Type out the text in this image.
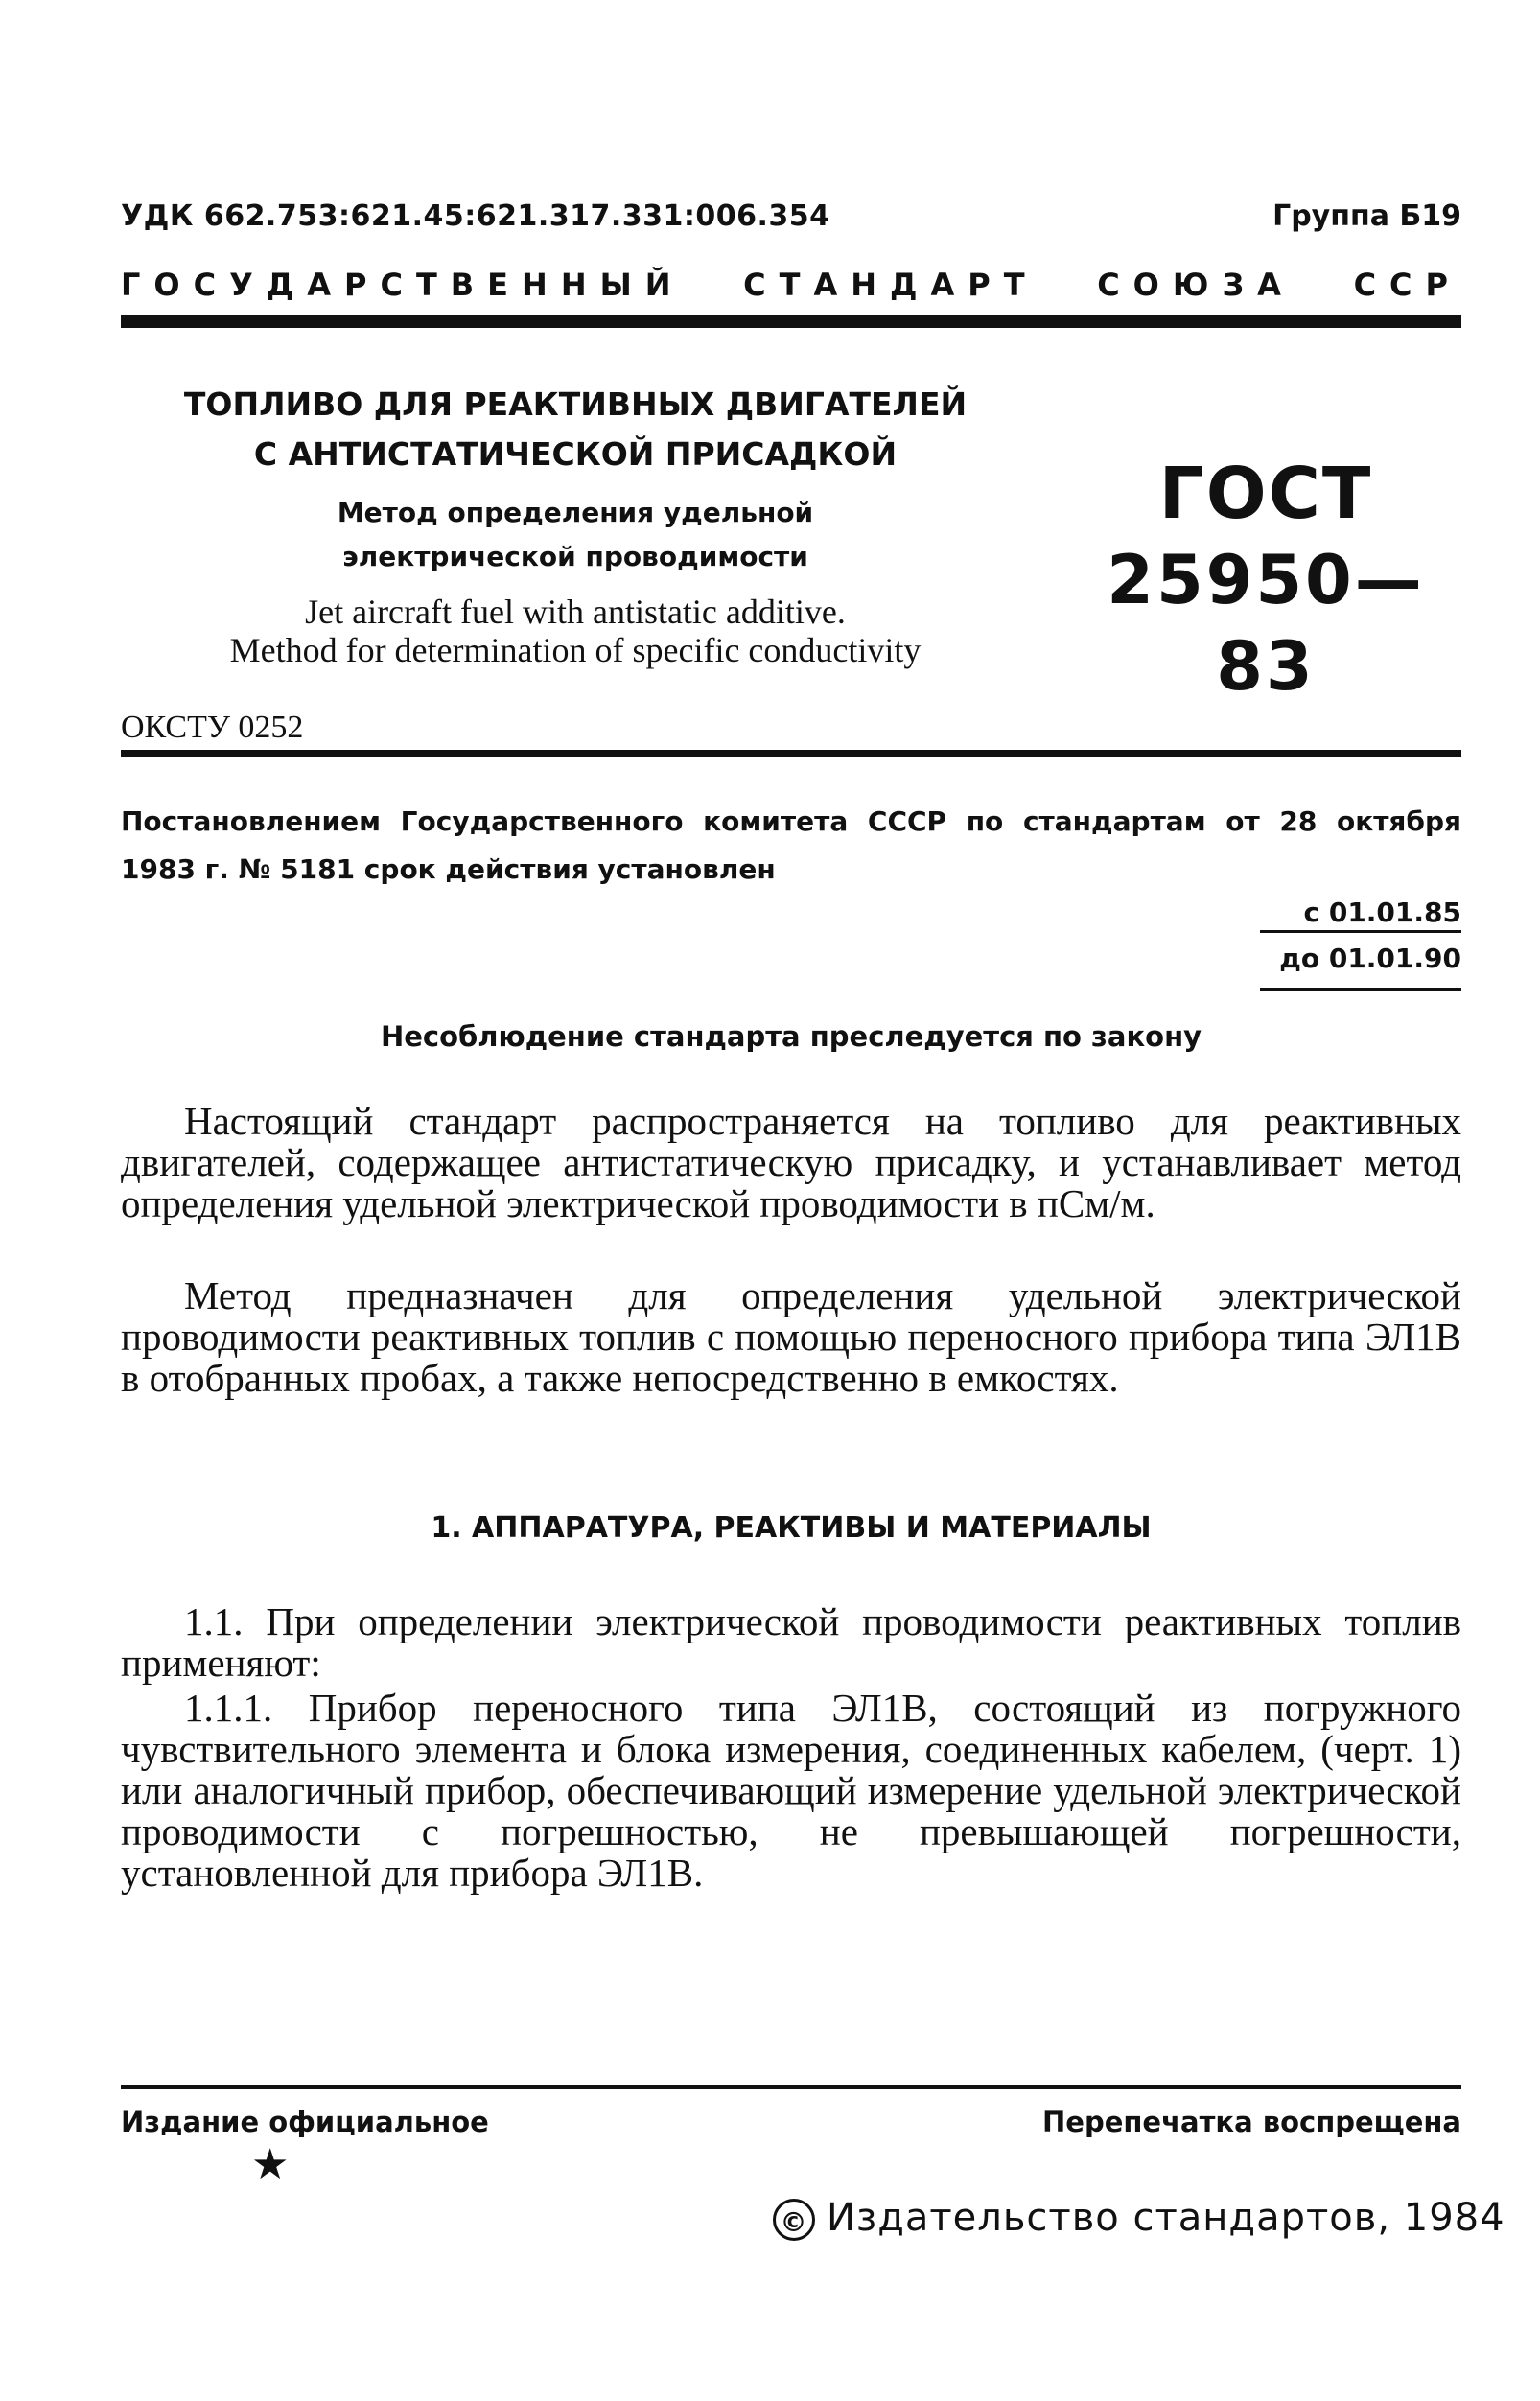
УДК 662.753:621.45:621.317.331:006.354	Группа Б19
ГОСУДАРСТВЕННЫЙ СТАНДАРТ СОЮЗА ССР
ТОПЛИВО ДЛЯ РЕАКТИВНЫХ ДВИГАТЕЛЕЙ
С АНТИСТАТИЧЕСКОЙ ПРИСАДКОЙ
Метод определения удельной
электрической проводимости
Jet aircraft fuel with antistatic additive.
Method for determination of specific conductivity
ГОСТ
25950—83
ОКСТУ 0252
Постановлением Государственного комитета СССР по стандартам от 28 октября 1983 г. № 5181 срок действия установлен
с 01.01.85
до 01.01.90
Несоблюдение стандарта преследуется по закону

Настоящий стандарт распространяется на топливо для реактивных двигателей, содержащее антистатическую присадку, и устанавливает метод определения удельной электрической проводимости в пСм/м.

Метод предназначен для определения удельной электрической проводимости реактивных топлив с помощью переносного прибора типа ЭЛ1В в отобранных пробах, а также непосредственно в емкостях.

1. АППАРАТУРА, РЕАКТИВЫ И МАТЕРИАЛЫ

1.1. При определении электрической проводимости реактивных топлив применяют:

1.1.1. Прибор переносного типа ЭЛ1В, состоящий из погружного чувствительного элемента и блока измерения, соединенных кабелем, (черт. 1) или аналогичный прибор, обеспечивающий измерение удельной электрической проводимости с погрешностью, не превышающей погрешности, установленной для прибора ЭЛ1В.

Издание официальное	Перепечатка воспрещена
★
© Издательство стандартов, 1984
